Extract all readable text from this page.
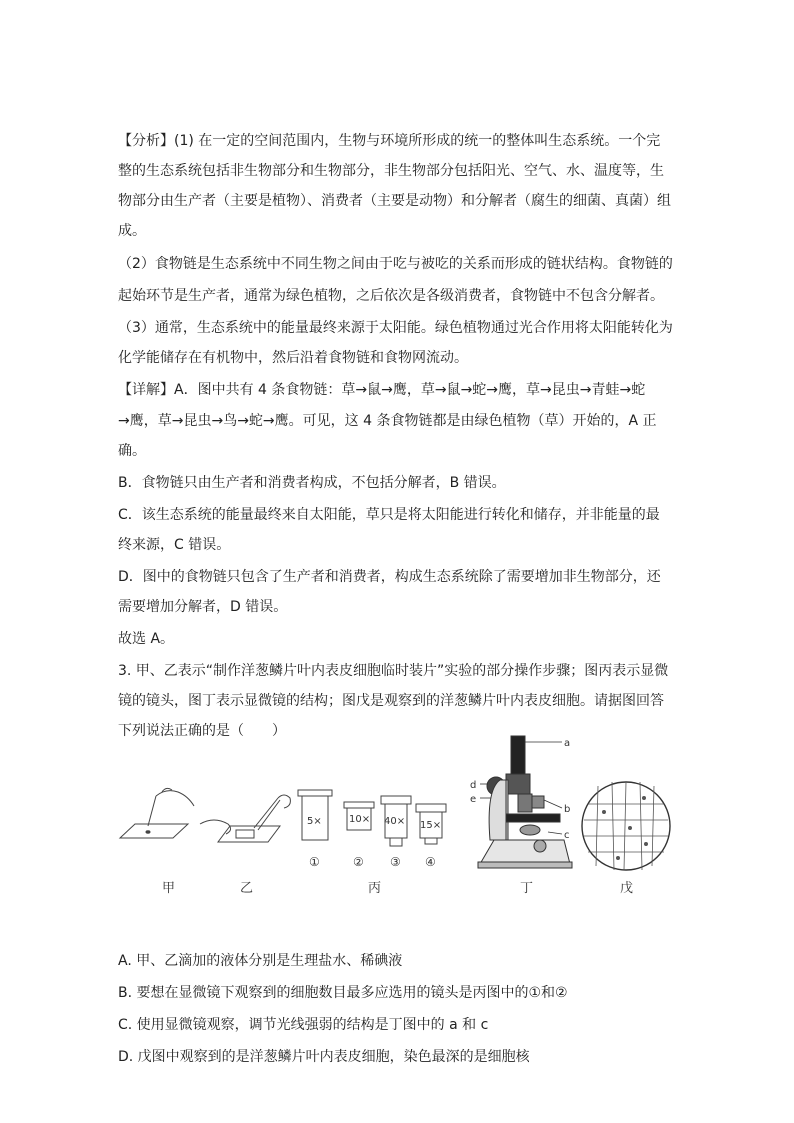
【分析】(1) 在一定的空间范围内，生物与环境所形成的统一的整体叫生态系统。一个完
整的生态系统包括非生物部分和生物部分，非生物部分包括阳光、空气、水、温度等，生
物部分由生产者（主要是植物）、消费者（主要是动物）和分解者（腐生的细菌、真菌）组
成。
（2）食物链是生态系统中不同生物之间由于吃与被吃的关系而形成的链状结构。食物链的
起始环节是生产者，通常为绿色植物，之后依次是各级消费者，食物链中不包含分解者。
（3）通常，生态系统中的能量最终来源于太阳能。绿色植物通过光合作用将太阳能转化为
化学能储存在有机物中，然后沿着食物链和食物网流动。
【详解】A．图中共有 4 条食物链：草→鼠→鹰，草→鼠→蛇→鹰，草→昆虫→青蛙→蛇
→鹰，草→昆虫→鸟→蛇→鹰。可见，这 4 条食物链都是由绿色植物（草）开始的，A 正
确。
B．食物链只由生产者和消费者构成，不包括分解者，B 错误。
C．该生态系统的能量最终来自太阳能，草只是将太阳能进行转化和储存，并非能量的最
终来源，C 错误。
D．图中的食物链只包含了生产者和消费者，构成生态系统除了需要增加非生物部分，还
需要增加分解者，D 错误。
故选 A。
3. 甲、乙表示“制作洋葱鳞片叶内表皮细胞临时装片”实验的部分操作步骤；图丙表示显微
镜的镜头，图丁表示显微镜的结构；图戊是观察到的洋葱鳞片叶内表皮细胞。请据图回答
下列说法正确的是（　　）
5×	10× 40× 15×
①	② ③ ④
a
b
c
d
e
甲	乙	丙	丁	戊
A. 甲、乙滴加的液体分别是生理盐水、稀碘液
B. 要想在显微镜下观察到的细胞数目最多应选用的镜头是丙图中的①和②
C. 使用显微镜观察，调节光线强弱的结构是丁图中的 a 和 c
D. 戊图中观察到的是洋葱鳞片叶内表皮细胞，染色最深的是细胞核
